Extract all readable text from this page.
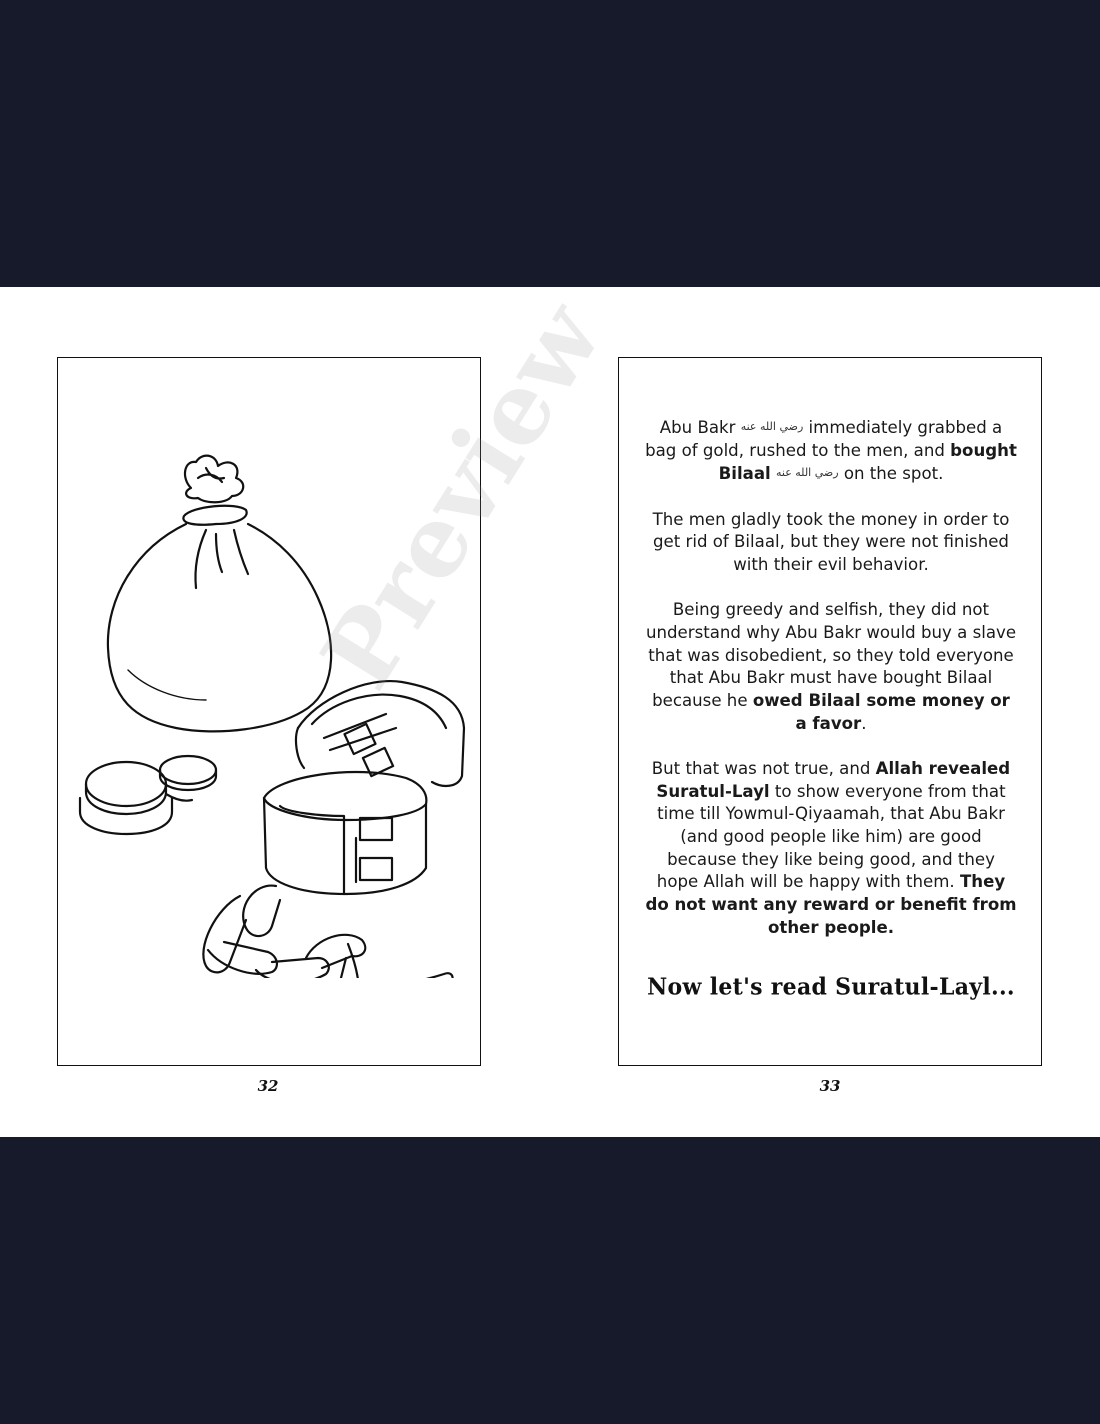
Abu Bakr رضي الله عنه immediately grabbed a bag of gold, rushed to the men, and bought Bilaal رضي الله عنه on the spot.

The men gladly took the money in order to get rid of Bilaal, but they were not finished with their evil behavior.

Being greedy and selfish, they did not understand why Abu Bakr would buy a slave that was disobedient, so they told everyone that Abu Bakr must have bought Bilaal because he owed Bilaal some money or a favor.

But that was not true, and Allah revealed Suratul-Layl to show everyone from that time till Yowmul-Qiyaamah, that Abu Bakr (and good people like him) are good because they like being good, and they hope Allah will be happy with them. They do not want any reward or benefit from other people.

Now let's read Suratul-Layl...
32	33
